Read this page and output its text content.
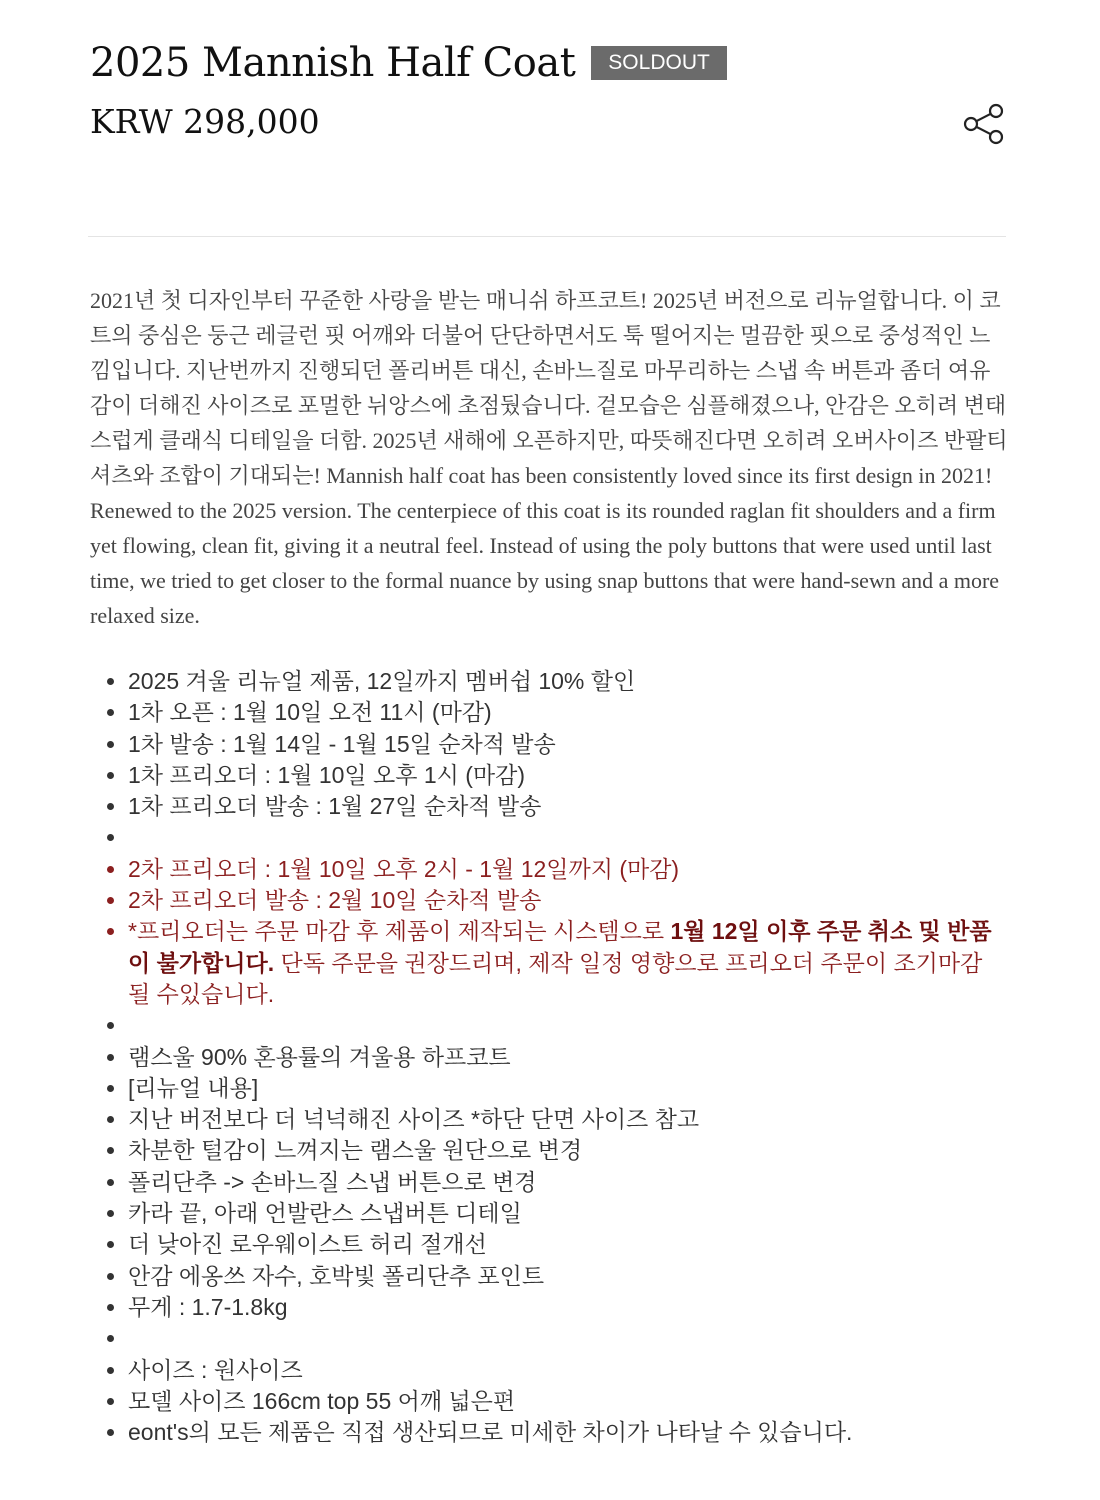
2025 Mannish Half Coat	SOLDOUT
KRW 298,000

2021년 첫 디자인부터 꾸준한 사랑을 받는 매니쉬 하프코트! 2025년 버전으로 리뉴얼합니다. 이 코트의 중심은 둥근 레글런 핏 어깨와 더불어 단단하면서도 툭 떨어지는 멀끔한 핏으로 중성적인 느낌입니다. 지난번까지 진행되던 폴리버튼 대신, 손바느질로 마무리하는 스냅 속 버튼과 좀더 여유감이 더해진 사이즈로 포멀한 뉘앙스에 초점뒀습니다. 겉모습은 심플해졌으나, 안감은 오히려 변태스럽게 클래식 디테일을 더함. 2025년 새해에 오픈하지만, 따뜻해진다면 오히려 오버사이즈 반팔티셔츠와 조합이 기대되는! Mannish half coat has been consistently loved since its first design in 2021! Renewed to the 2025 version. The centerpiece of this coat is its rounded raglan fit shoulders and a firm yet flowing, clean fit, giving it a neutral feel. Instead of using the poly buttons that were used until last time, we tried to get closer to the formal nuance by using snap buttons that were hand-sewn and a more relaxed size.

• 2025 겨울 리뉴얼 제품, 12일까지 멤버쉽 10% 할인
• 1차 오픈 : 1월 10일 오전 11시 (마감)
• 1차 발송 : 1월 14일 - 1월 15일 순차적 발송
• 1차 프리오더 : 1월 10일 오후 1시 (마감)
• 1차 프리오더 발송 : 1월 27일 순차적 발송
•
• 2차 프리오더 : 1월 10일 오후 2시 - 1월 12일까지 (마감)
• 2차 프리오더 발송 : 2월 10일 순차적 발송
• *프리오더는 주문 마감 후 제품이 제작되는 시스템으로 1월 12일 이후 주문 취소 및 반품이 불가합니다. 단독 주문을 권장드리며, 제작 일정 영향으로 프리오더 주문이 조기마감 될 수있습니다.
•
• 램스울 90% 혼용률의 겨울용 하프코트
• [리뉴얼 내용]
• 지난 버전보다 더 넉넉해진 사이즈 *하단 단면 사이즈 참고
• 차분한 털감이 느껴지는 램스울 원단으로 변경
• 폴리단추 -> 손바느질 스냅 버튼으로 변경
• 카라 끝, 아래 언발란스 스냅버튼 디테일
• 더 낮아진 로우웨이스트 허리 절개선
• 안감 에옹쓰 자수, 호박빛 폴리단추 포인트
• 무게 : 1.7-1.8kg
•
• 사이즈 : 원사이즈
• 모델 사이즈 166cm top 55 어깨 넓은편
• eont's의 모든 제품은 직접 생산되므로 미세한 차이가 나타날 수 있습니다.
